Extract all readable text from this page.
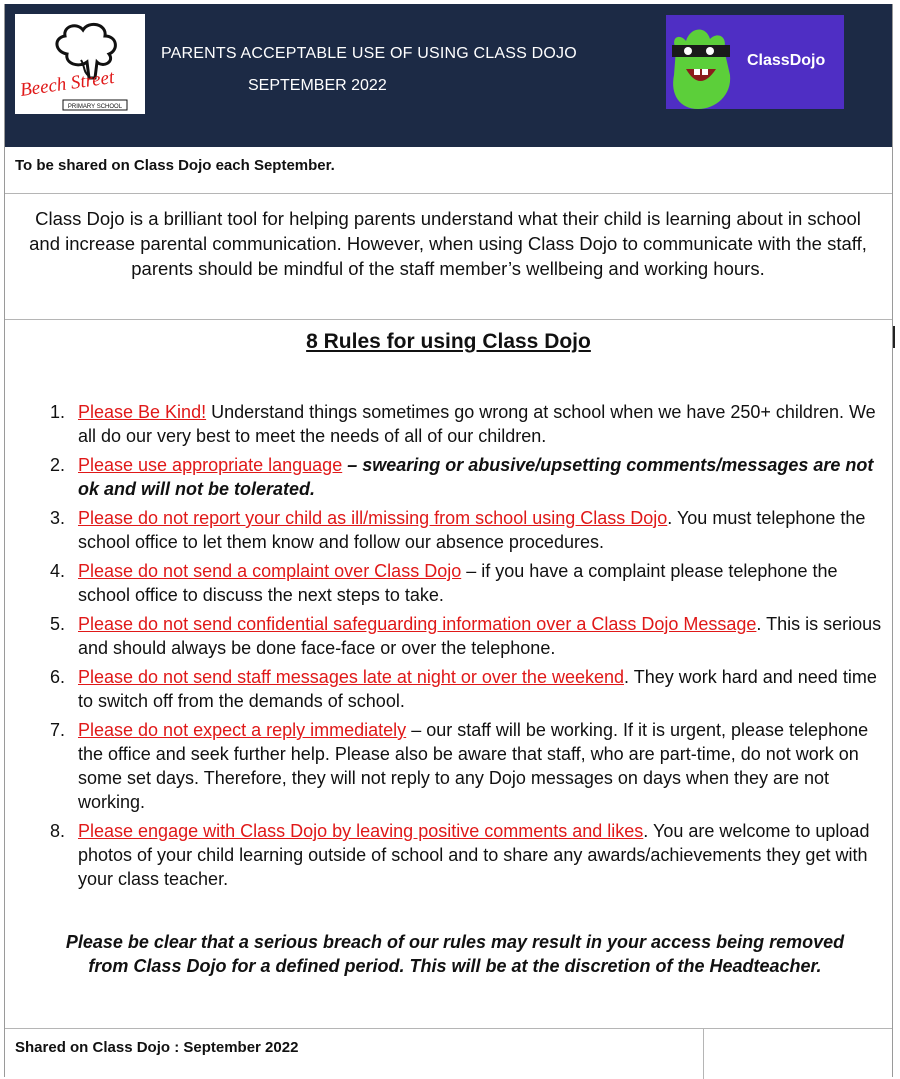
Beech Street
PRIMARY SCHOOL
PARENTS ACCEPTABLE USE OF USING CLASS DOJO
SEPTEMBER 2022
ClassDojo
To be shared on Class Dojo each September.

Class Dojo is a brilliant tool for helping parents understand what their child is learning about in school and increase parental communication. However, when using Class Dojo to communicate with the staff, parents should be mindful of the staff member’s wellbeing and working hours.

8 Rules for using Class Dojo
1. Please Be Kind! Understand things sometimes go wrong at school when we have 250+ children. We all do our very best to meet the needs of all of our children.
2. Please use appropriate language – swearing or abusive/upsetting comments/messages are not ok and will not be tolerated.
3. Please do not report your child as ill/missing from school using Class Dojo. You must telephone the school office to let them know and follow our absence procedures.
4. Please do not send a complaint over Class Dojo – if you have a complaint please telephone the school office to discuss the next steps to take.
5. Please do not send confidential safeguarding information over a Class Dojo Message. This is serious and should always be done face-face or over the telephone.
6. Please do not send staff messages late at night or over the weekend. They work hard and need time to switch off from the demands of school.
7. Please do not expect a reply immediately – our staff will be working. If it is urgent, please telephone the office and seek further help. Please also be aware that staff, who are part-time, do not work on some set days. Therefore, they will not reply to any Dojo messages on days when they are not working.
8. Please engage with Class Dojo by leaving positive comments and likes. You are welcome to upload photos of your child learning outside of school and to share any awards/achievements they get with your class teacher.

Please be clear that a serious breach of our rules may result in your access being removed from Class Dojo for a defined period. This will be at the discretion of the Headteacher.

Shared on Class Dojo : September 2022
